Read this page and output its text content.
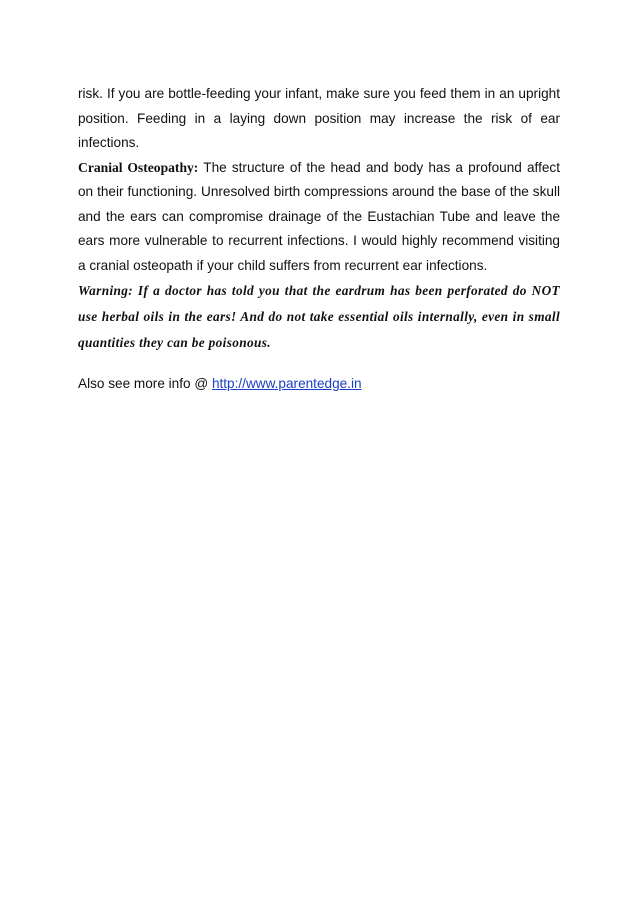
risk. If you are bottle-feeding your infant, make sure you feed them in an upright position. Feeding in a laying down position may increase the risk of ear infections.

Cranial Osteopathy: The structure of the head and body has a profound affect on their functioning. Unresolved birth compressions around the base of the skull and the ears can compromise drainage of the Eustachian Tube and leave the ears more vulnerable to recurrent infections. I would highly recommend visiting a cranial osteopath if your child suffers from recurrent ear infections.

Warning: If a doctor has told you that the eardrum has been perforated do NOT use herbal oils in the ears! And do not take essential oils internally, even in small quantities they can be poisonous.

Also see more info @ http://www.parentedge.in
